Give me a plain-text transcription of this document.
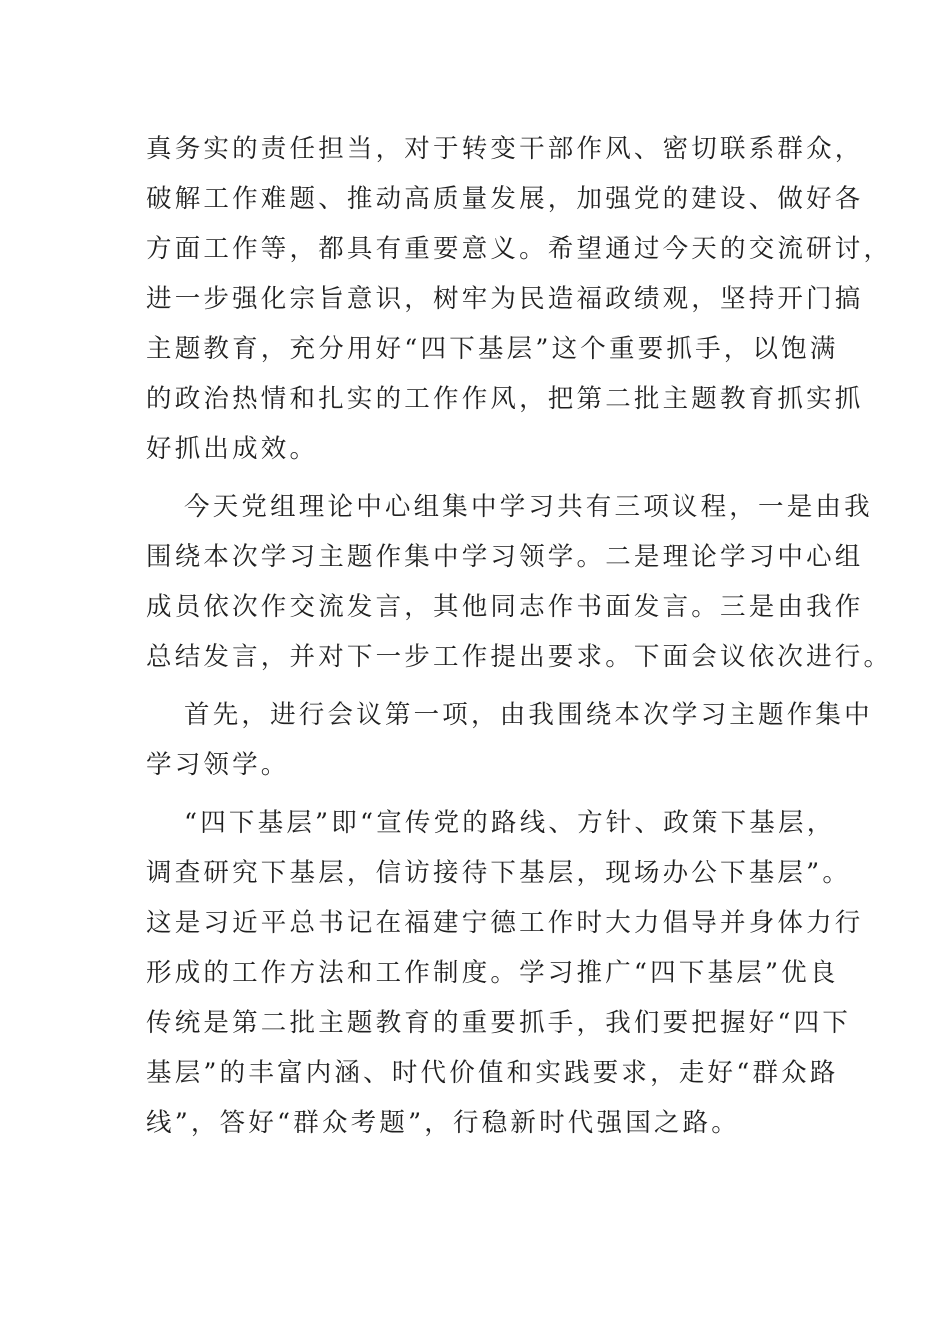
真务实的责任担当，对于转变干部作风、密切联系群众，
破解工作难题、推动高质量发展，加强党的建设、做好各
方面工作等，都具有重要意义。希望通过今天的交流研讨，
进一步强化宗旨意识，树牢为民造福政绩观，坚持开门搞
主题教育，充分用好“四下基层”这个重要抓手，以饱满
的政治热情和扎实的工作作风，把第二批主题教育抓实抓
好抓出成效。
今天党组理论中心组集中学习共有三项议程，一是由我
围绕本次学习主题作集中学习领学。二是理论学习中心组
成员依次作交流发言，其他同志作书面发言。三是由我作
总结发言，并对下一步工作提出要求。下面会议依次进行。
首先，进行会议第一项，由我围绕本次学习主题作集中
学习领学。
“四下基层”即“宣传党的路线、方针、政策下基层，
调查研究下基层，信访接待下基层，现场办公下基层”。
这是习近平总书记在福建宁德工作时大力倡导并身体力行
形成的工作方法和工作制度。学习推广“四下基层”优良
传统是第二批主题教育的重要抓手，我们要把握好“四下
基层”的丰富内涵、时代价值和实践要求，走好“群众路
线”，答好“群众考题”，行稳新时代强国之路。
